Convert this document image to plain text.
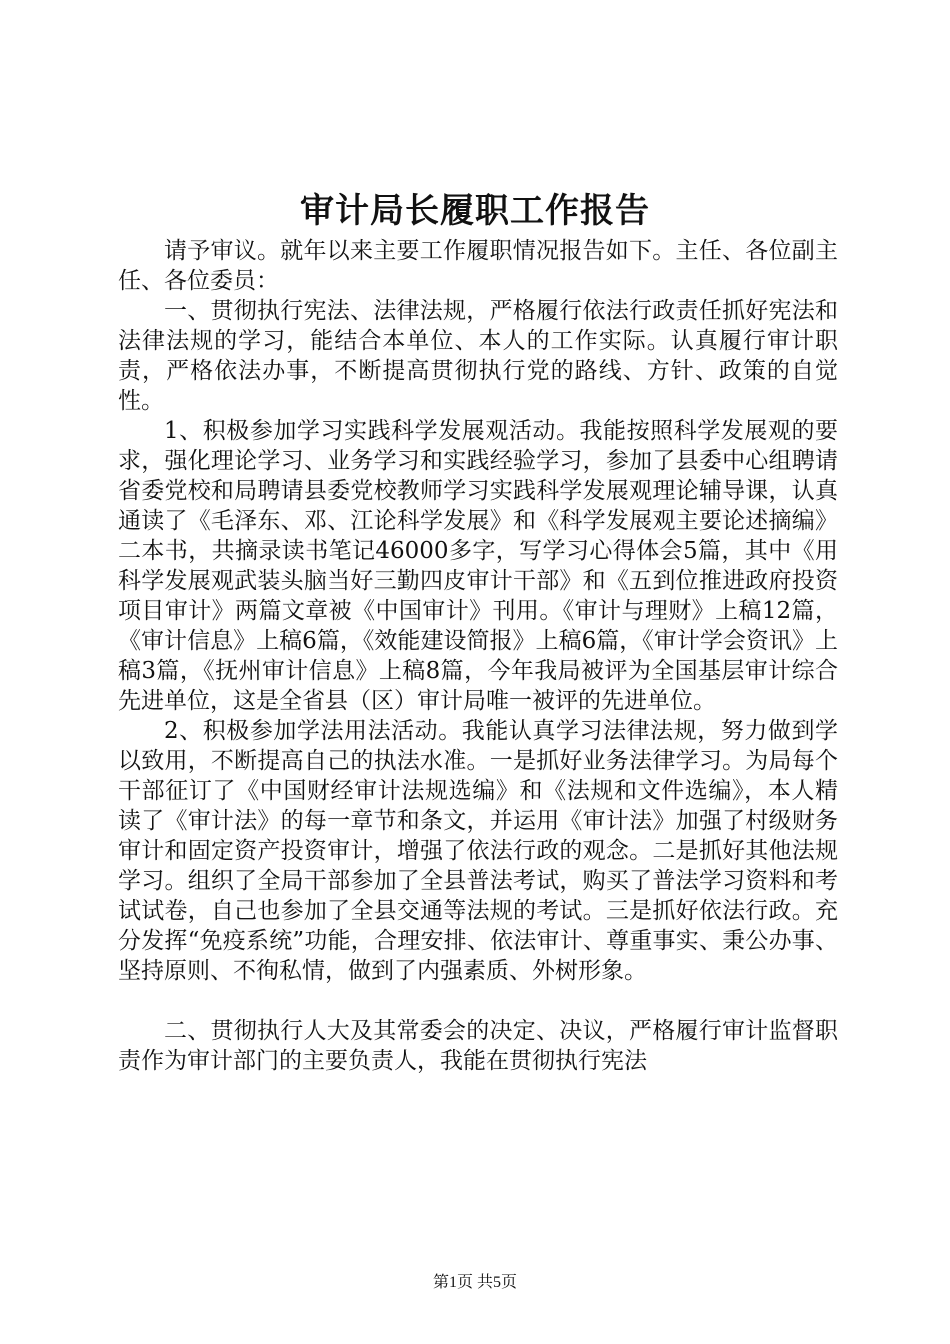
审计局长履职工作报告

请予审议。就年以来主要工作履职情况报告如下。主任、各位副主任、各位委员：

一、贯彻执行宪法、法律法规，严格履行依法行政责任抓好宪法和法律法规的学习，能结合本单位、本人的工作实际。认真履行审计职责，严格依法办事，不断提高贯彻执行党的路线、方针、政策的自觉性。

1、积极参加学习实践科学发展观活动。我能按照科学发展观的要求，强化理论学习、业务学习和实践经验学习，参加了县委中心组聘请省委党校和局聘请县委党校教师学习实践科学发展观理论辅导课，认真通读了《毛泽东、邓、江论科学发展》和《科学发展观主要论述摘编》二本书，共摘录读书笔记46000多字，写学习心得体会5篇，其中《用科学发展观武装头脑当好三勤四皮审计干部》和《五到位推进政府投资项目审计》两篇文章被《中国审计》刊用。《审计与理财》上稿12篇，《审计信息》上稿6篇，《效能建设简报》上稿6篇，《审计学会资讯》上稿3篇，《抚州审计信息》上稿8篇，今年我局被评为全国基层审计综合先进单位，这是全省县（区）审计局唯一被评的先进单位。

2、积极参加学法用法活动。我能认真学习法律法规，努力做到学以致用，不断提高自己的执法水准。一是抓好业务法律学习。为局每个干部征订了《中国财经审计法规选编》和《法规和文件选编》，本人精读了《审计法》的每一章节和条文，并运用《审计法》加强了村级财务审计和固定资产投资审计，增强了依法行政的观念。二是抓好其他法规学习。组织了全局干部参加了全县普法考试，购买了普法学习资料和考试试卷，自己也参加了全县交通等法规的考试。三是抓好依法行政。充分发挥“免疫系统”功能，合理安排、依法审计、尊重事实、秉公办事、坚持原则、不徇私情，做到了内强素质、外树形象。

二、贯彻执行人大及其常委会的决定、决议，严格履行审计监督职责作为审计部门的主要负责人，我能在贯彻执行宪法

第1页 共5页
